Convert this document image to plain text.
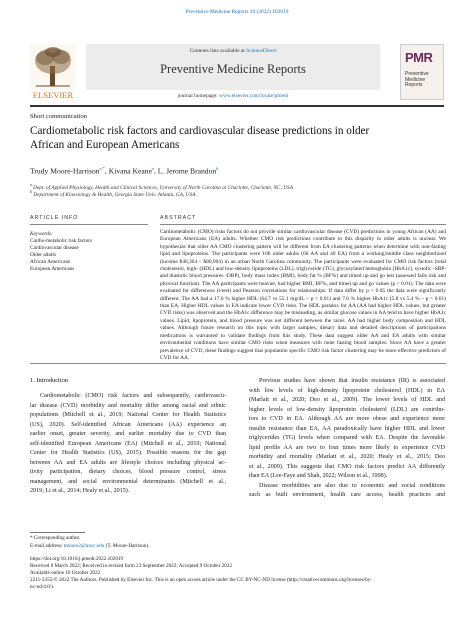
Preventive Medicine Reports 30 (2022) 102019
ELSEVIER
Contents lists available at ScienceDirect
Preventive Medicine Reports
journal homepage: www.elsevier.com/locate/pmedr
PMR
Preventive
Medicine
Reports
Short communication
Cardiometabolic risk factors and cardiovascular disease predictions in older
African and European Americans
Trudy Moore-Harrison$^{a,*}$, Kivana Keane$^a$, L. Jerome Brandon$^b$
$^a$ Dept. of Applied Physiology, Health and Clinical Sciences, University of North Carolina at Charlotte, Charlotte, NC, USA
$^b$ Department of Kinesiology & Health, Georgia State Univ. Atlanta, GA, USA
ARTICLE INFO	ABSTRACT
Keywords:
Cardio-metabolic risk factors
Cardiovascular disease
Older adults
African Americans
European Americans
Cardiometabolic (CMO) risks factors do not provide similar cardiovascular disease (CVD) predictions in young African (AA) and European Americans (EA) adults. Whether CMO risk predictions contribute to this disparity in older adults is unclear. We hypothesize that older AA CMO clustering pattern will be different from EA clustering patterns when determine with non-fasting lipid and lipoproteins. The participants were 106 older adults (66 AA and 40 EA) from a working/middle class neighborhood (income $46,364 – $80,904) in an urban North Carolina community. The participants were evaluated for CMO risk factors (total cholesterol, high- (HDL) and low-density lipoproteins (LDL), triglyceride (TG), glycosylated hemoglobin (HbA1c), systolic -SBP- and diastolic blood pressures -DBP), body mass index (BMI), body fat % (BF%) and timed up and go test (assessed falls risk and physical function). The AA participants were heavier, had higher BMI, BF%, and timed up and go values (p < 0.01). The data were evaluated for differences (t-test) and Pearson correlations for relationships. If data differ by p < 0.05 the data were significantly different. The AA had a 17.6 % higher HDL (64.7 vs 55.1 mg/dL – p < 0.01) and 7.6 % higher HbA1c (5.8 vs 5.4 % – p < 0.01) than EA. Higher HDL values in EA indicate lower CVD risks. The HDL paradox for AA (AA had higher HDL values, but greater CVD risks) was observed and the HbA1c difference may be misleading, as similar glucose values in AA tend to have higher HbA1c values. Lipid, lipoprotein, and blood pressure was not different between the races. AA had higher body composition and HDL values. Although future research on this topic with larger samples, dietary data and detailed descriptions of participations medications is warranted to validate findings from this study. These data suggest older AA and EA adults with similar environmental conditions have similar CMO risks when measures with none fasting blood samples. Since AA have a greater prevalence of CVD, these findings suggest that population specific CMO risk factor clustering may be more effective predictors of CVD for AA.
1. Introduction
Cardiometabolic (CMO) risk factors and subsequently, cardiovascu-
lar disease (CVD) morbidity and mortality differ among racial and ethnic
populations (Mitchell et al., 2019; National Center for Health Statistics
(US), 2020). Self-identified African Americans (AA) experience an
earlier onset, greater severity, and earlier mortality due to CVD than
self-identified European Americans (EA) (Mitchell et al., 2019; National
Center for Health Statistics (US), 2015). Possible reasons for the gap
between AA and EA adults are lifestyle choices including physical ac-
tivity participation, dietary choices, blood pressure control, stress
management, and social environmental determinants (Mitchell et al.,
2019; Li et al., 2014; Healy et al., 2015).
Previous studies have shown that insulin resistance (IR) is associated
with low levels of high-density lipoprotein cholesterol (HDL) in EA
(Marlatt et al., 2020; Deo et al., 2009). The lower levels of HDL and
higher levels of low-density lipoprotein cholesterol (LDL) are contribu-
tors to CVD in EA. Although AA are more obese and experience more
insulin resistance than EA, AA paradoxically have higher HDL and lower
triglycerides (TG) levels when compared with EA. Despite the favorable
lipid profile AA are two to four times more likely to experience CVD
morbidity and mortality (Marlatt et al., 2020; Healy et al., 2015; Deo
et al., 2009). This suggests that CMO risk factors predict AA differently
than EA (Lee-Faye and Shah, 2022; Wilson et al., 1998).
Disease morbidities are also due to economic and social conditions
such as built environment, health care access, health practices and
* Corresponding author.
E-mail address: tmoore2@uncc.edu (T. Moore-Harrison).
https://doi.org/10.1016/j.pmedr.2022.102019
Received 8 March 2022; Received in revised form 23 September 2022; Accepted 9 October 2022
Available online 10 October 2022
2211-3355/© 2022 The Authors. Published by Elsevier Inc. This is an open access article under the CC BY-NC-ND license (http://creativecommons.org/licenses/by-
nc-nd/4.0/).
